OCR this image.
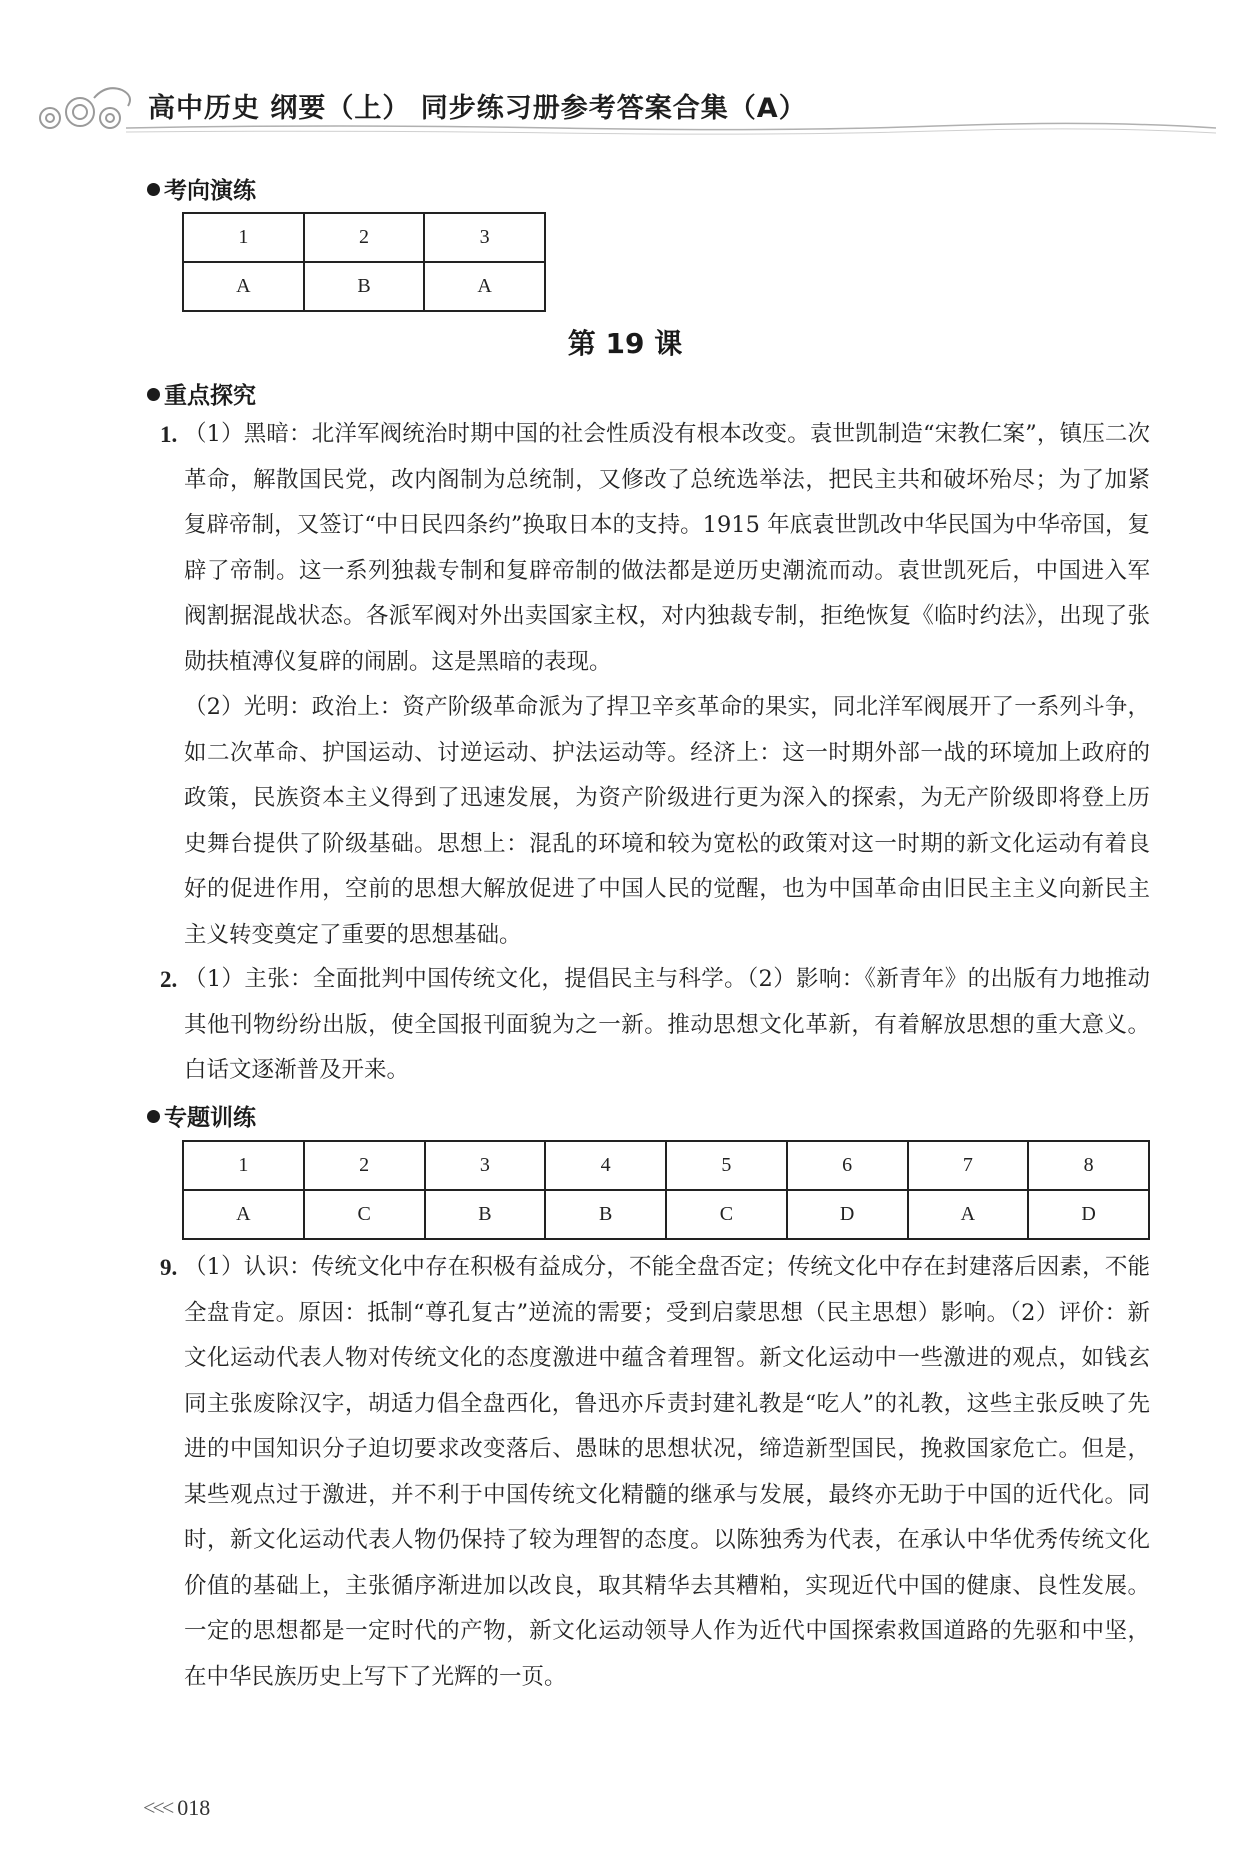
高中历史 纲要（上） 同步练习册参考答案合集（A）
考向演练
1	2	3
A	B	A
第 19 课
重点探究
1. （1）黑暗：北洋军阀统治时期中国的社会性质没有根本改变。袁世凯制造“宋教仁案”，镇压二次革命，解散国民党，改内阁制为总统制，又修改了总统选举法，把民主共和破坏殆尽；为了加紧复辟帝制，又签订“中日民四条约”换取日本的支持。1915 年底袁世凯改中华民国为中华帝国，复辟了帝制。这一系列独裁专制和复辟帝制的做法都是逆历史潮流而动。袁世凯死后，中国进入军阀割据混战状态。各派军阀对外出卖国家主权，对内独裁专制，拒绝恢复《临时约法》，出现了张勋扶植溥仪复辟的闹剧。这是黑暗的表现。

（2）光明：政治上：资产阶级革命派为了捍卫辛亥革命的果实，同北洋军阀展开了一系列斗争，如二次革命、护国运动、讨逆运动、护法运动等。经济上：这一时期外部一战的环境加上政府的政策，民族资本主义得到了迅速发展，为资产阶级进行更为深入的探索，为无产阶级即将登上历史舞台提供了阶级基础。思想上：混乱的环境和较为宽松的政策对这一时期的新文化运动有着良好的促进作用，空前的思想大解放促进了中国人民的觉醒，也为中国革命由旧民主主义向新民主主义转变奠定了重要的思想基础。

2. （1）主张：全面批判中国传统文化，提倡民主与科学。（2）影响：《新青年》的出版有力地推动其他刊物纷纷出版，使全国报刊面貌为之一新。推动思想文化革新，有着解放思想的重大意义。白话文逐渐普及开来。

专题训练
1	2	3	4	5	6	7	8
A	C	B	B	C	D	A	D
9. （1）认识：传统文化中存在积极有益成分，不能全盘否定；传统文化中存在封建落后因素，不能全盘肯定。原因：抵制“尊孔复古”逆流的需要；受到启蒙思想（民主思想）影响。（2）评价：新文化运动代表人物对传统文化的态度激进中蕴含着理智。新文化运动中一些激进的观点，如钱玄同主张废除汉字，胡适力倡全盘西化，鲁迅亦斥责封建礼教是“吃人”的礼教，这些主张反映了先进的中国知识分子迫切要求改变落后、愚昧的思想状况，缔造新型国民，挽救国家危亡。但是，某些观点过于激进，并不利于中国传统文化精髓的继承与发展，最终亦无助于中国的近代化。同时，新文化运动代表人物仍保持了较为理智的态度。以陈独秀为代表，在承认中华优秀传统文化价值的基础上，主张循序渐进加以改良，取其精华去其糟粕，实现近代中国的健康、良性发展。一定的思想都是一定时代的产物，新文化运动领导人作为近代中国探索救国道路的先驱和中坚，在中华民族历史上写下了光辉的一页。

<<< 018
